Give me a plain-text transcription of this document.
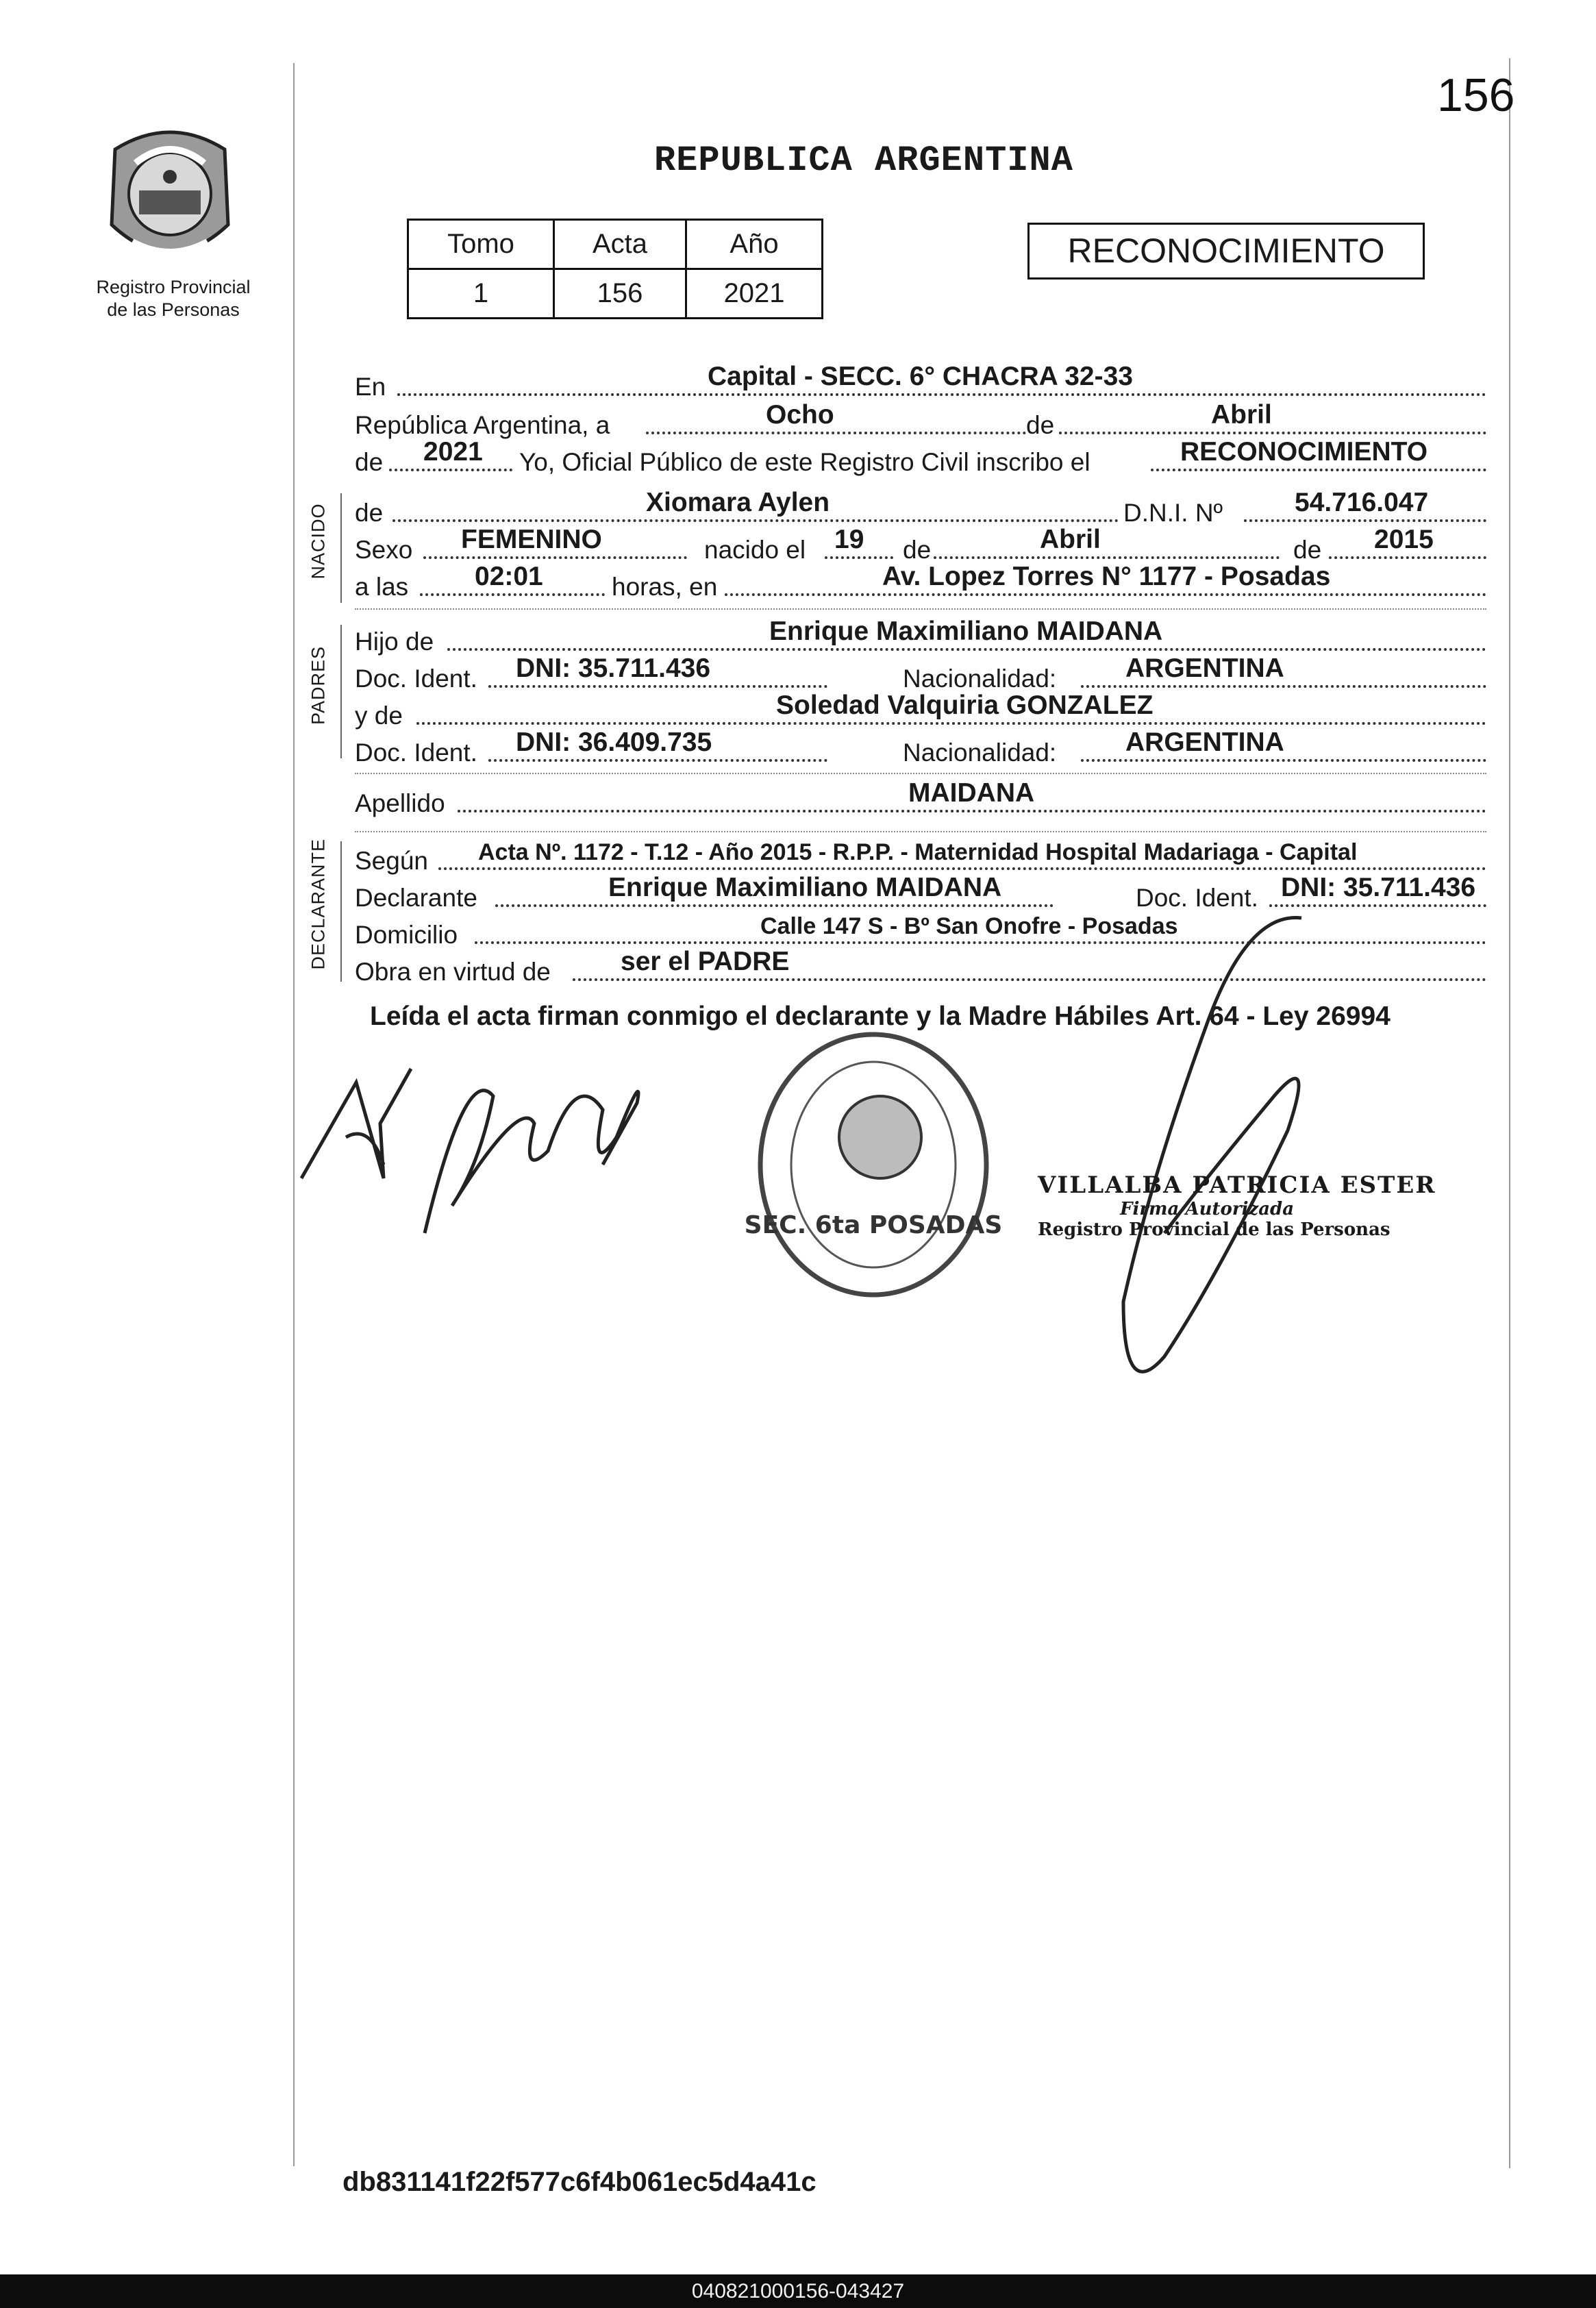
156
REPUBLICA ARGENTINA
Registro Provincial
de las Personas
Tomo	Acta	Año
1	156	2021
RECONOCIMIENTO
NACIDO
PADRES
DECLARANTE
En	Capital - SECC. 6° CHACRA 32-33
República Argentina, a	Ocho	de	Abril
de 2021 Yo, Oficial Público de este Registro Civil inscribo el	RECONOCIMIENTO
de	Xiomara Aylen	D.N.I. Nº	54.716.047
Sexo FEMENINO	nacido el 19 de	Abril	de 2015
a las 02:01	horas, en	Av. Lopez Torres N° 1177 - Posadas
Hijo de	Enrique Maximiliano MAIDANA
Doc. Ident. DNI: 35.711.436	Nacionalidad:	ARGENTINA
y de	Soledad Valquiria GONZALEZ
Doc. Ident. DNI: 36.409.735	Nacionalidad:	ARGENTINA
Apellido	MAIDANA
Según Acta Nº. 1172 - T.12 - Año 2015 - R.P.P. - Maternidad Hospital Madariaga - Capital
Declarante	Enrique Maximiliano MAIDANA	Doc. Ident. DNI: 35.711.436
Domicilio	Calle 147 S - Bº San Onofre - Posadas
Obra en virtud de	ser el PADRE
Leída el acta firman conmigo el declarante y la Madre Hábiles Art. 64 - Ley 26994
SEC. 6ta POSADAS
VILLALBA PATRICIA ESTER
Firma Autorizada
Registro Provincial de las Personas
db831141f22f577c6f4b061ec5d4a41c
040821000156-043427
